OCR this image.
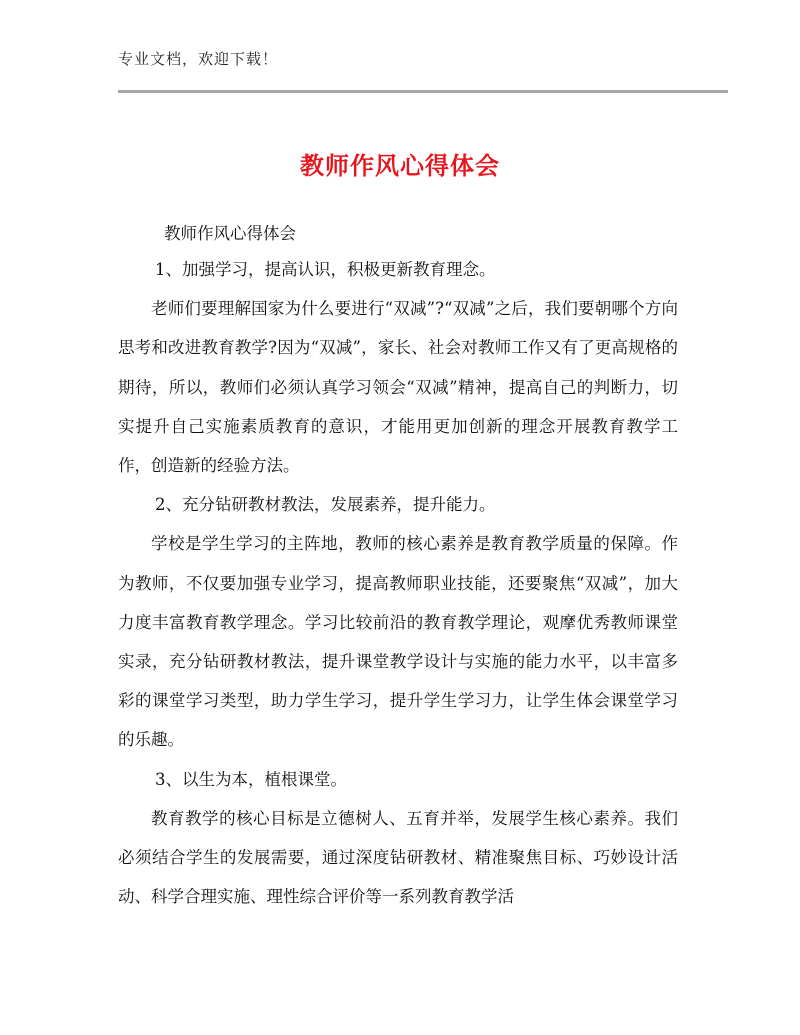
专业文档，欢迎下载！
教师作风心得体会

教师作风心得体会

1、加强学习，提高认识，积极更新教育理念。

老师们要理解国家为什么要进行“双减”?“双减”之后，我们要朝哪个方向思考和改进教育教学?因为“双减”，家长、社会对教师工作又有了更高规格的期待，所以，教师们必须认真学习领会“双减”精神，提高自己的判断力，切实提升自己实施素质教育的意识，才能用更加创新的理念开展教育教学工作，创造新的经验方法。

2、充分钻研教材教法，发展素养，提升能力。

学校是学生学习的主阵地，教师的核心素养是教育教学质量的保障。作为教师，不仅要加强专业学习，提高教师职业技能，还要聚焦“双减”，加大力度丰富教育教学理念。学习比较前沿的教育教学理论，观摩优秀教师课堂实录，充分钻研教材教法，提升课堂教学设计与实施的能力水平，以丰富多彩的课堂学习类型，助力学生学习，提升学生学习力，让学生体会课堂学习的乐趣。

3、以生为本，植根课堂。

教育教学的核心目标是立德树人、五育并举，发展学生核心素养。我们必须结合学生的发展需要，通过深度钻研教材、精准聚焦目标、巧妙设计活动、科学合理实施、理性综合评价等一系列教育教学活
